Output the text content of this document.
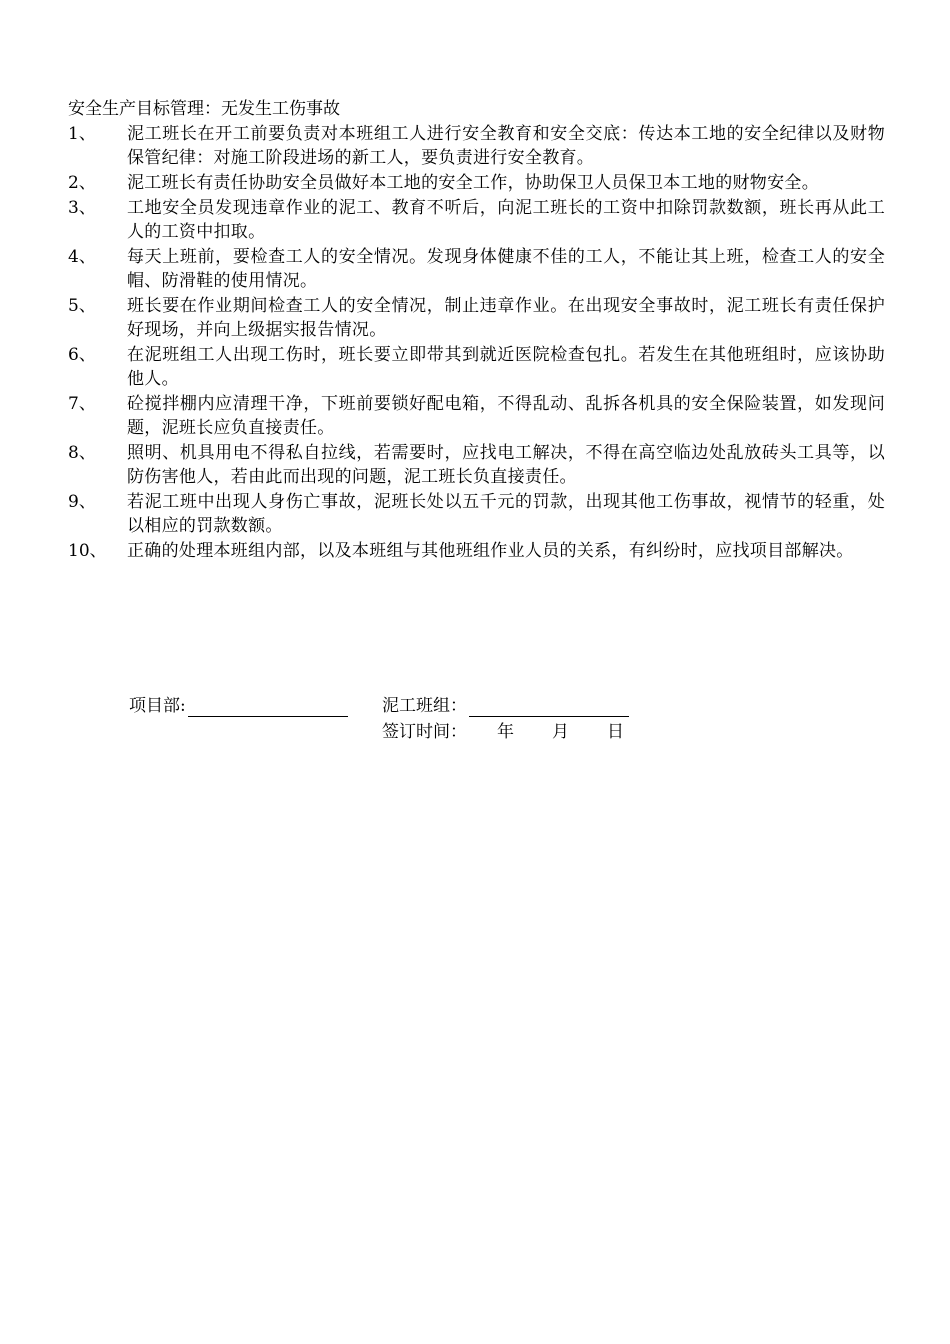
安全生产目标管理：无发生工伤事故
1、	泥工班长在开工前要负责对本班组工人进行安全教育和安全交底：传达本工地的安全纪律以及财物保管纪律：对施工阶段进场的新工人，要负责进行安全教育。
2、	泥工班长有责任协助安全员做好本工地的安全工作，协助保卫人员保卫本工地的财物安全。
3、	工地安全员发现违章作业的泥工、教育不听后，向泥工班长的工资中扣除罚款数额，班长再从此工人的工资中扣取。
4、	每天上班前，要检查工人的安全情况。发现身体健康不佳的工人，不能让其上班，检查工人的安全帽、防滑鞋的使用情况。
5、	班长要在作业期间检查工人的安全情况，制止违章作业。在出现安全事故时，泥工班长有责任保护好现场，并向上级据实报告情况。
6、	在泥班组工人出现工伤时，班长要立即带其到就近医院检查包扎。若发生在其他班组时，应该协助他人。
7、	砼搅拌棚内应清理干净，下班前要锁好配电箱，不得乱动、乱拆各机具的安全保险装置，如发现问题，泥班长应负直接责任。
8、	照明、机具用电不得私自拉线，若需要时，应找电工解决，不得在高空临边处乱放砖头工具等，以防伤害他人，若由此而出现的问题，泥工班长负直接责任。
9、	若泥工班中出现人身伤亡事故，泥班长处以五千元的罚款，出现其他工伤事故，视情节的轻重，处以相应的罚款数额。
10、	正确的处理本班组内部，以及本班组与其他班组作业人员的关系，有纠纷时，应找项目部解决。
项目部:	泥工班组：
签订时间： 年 月 日
